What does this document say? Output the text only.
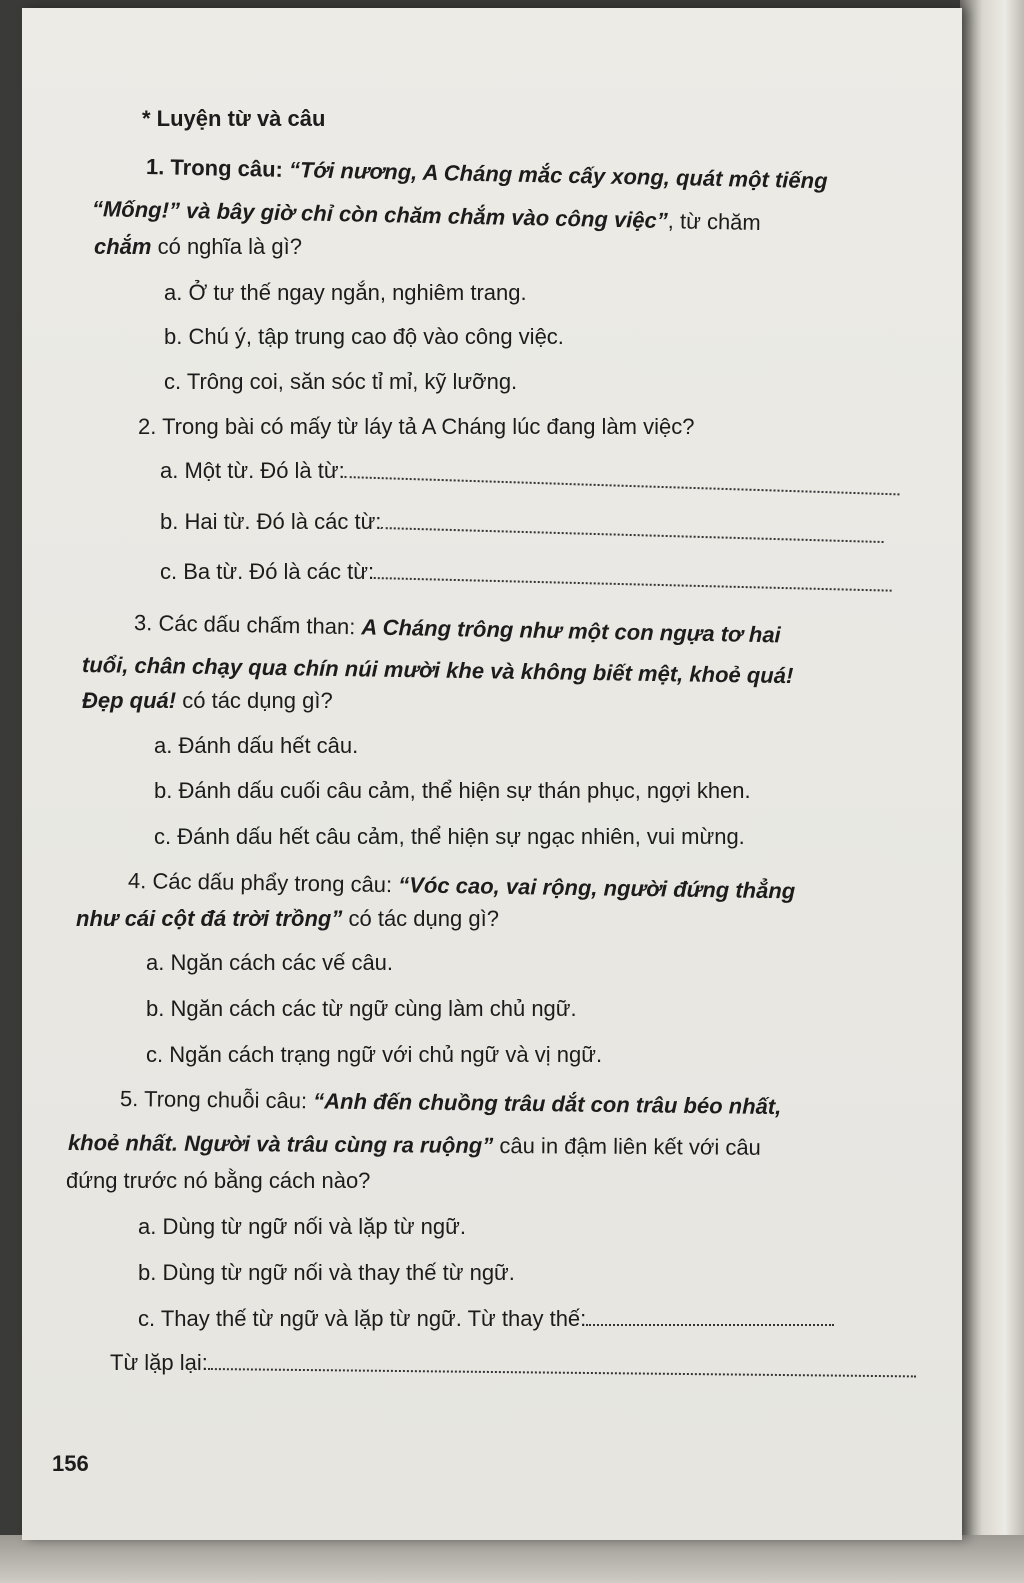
* Luyện từ và câu
1. Trong câu: “Tới nương, A Cháng mắc cấy xong, quát một tiếng
“Mống!” và bây giờ chỉ còn chăm chắm vào công việc”, từ chăm
chắm có nghĩa là gì?
a. Ở tư thế ngay ngắn, nghiêm trang.
b. Chú ý, tập trung cao độ vào công việc.
c. Trông coi, săn sóc tỉ mỉ, kỹ lưỡng.
2. Trong bài có mấy từ láy tả A Cháng lúc đang làm việc?
a. Một từ. Đó là từ:
b. Hai từ. Đó là các từ:
c. Ba từ. Đó là các từ:
3. Các dấu chấm than: A Cháng trông như một con ngựa tơ hai
tuổi, chân chạy qua chín núi mười khe và không biết mệt, khoẻ quá!
Đẹp quá! có tác dụng gì?
a. Đánh dấu hết câu.
b. Đánh dấu cuối câu cảm, thể hiện sự thán phục, ngợi khen.
c. Đánh dấu hết câu cảm, thể hiện sự ngạc nhiên, vui mừng.
4. Các dấu phẩy trong câu: “Vóc cao, vai rộng, người đứng thẳng
như cái cột đá trời trồng” có tác dụng gì?
a. Ngăn cách các vế câu.
b. Ngăn cách các từ ngữ cùng làm chủ ngữ.
c. Ngăn cách trạng ngữ với chủ ngữ và vị ngữ.
5. Trong chuỗi câu: “Anh đến chuồng trâu dắt con trâu béo nhất,
khoẻ nhất. Người và trâu cùng ra ruộng” câu in đậm liên kết với câu
đứng trước nó bằng cách nào?
a. Dùng từ ngữ nối và lặp từ ngữ.
b. Dùng từ ngữ nối và thay thế từ ngữ.
c. Thay thế từ ngữ và lặp từ ngữ. Từ thay thế:
Từ lặp lại:
156
